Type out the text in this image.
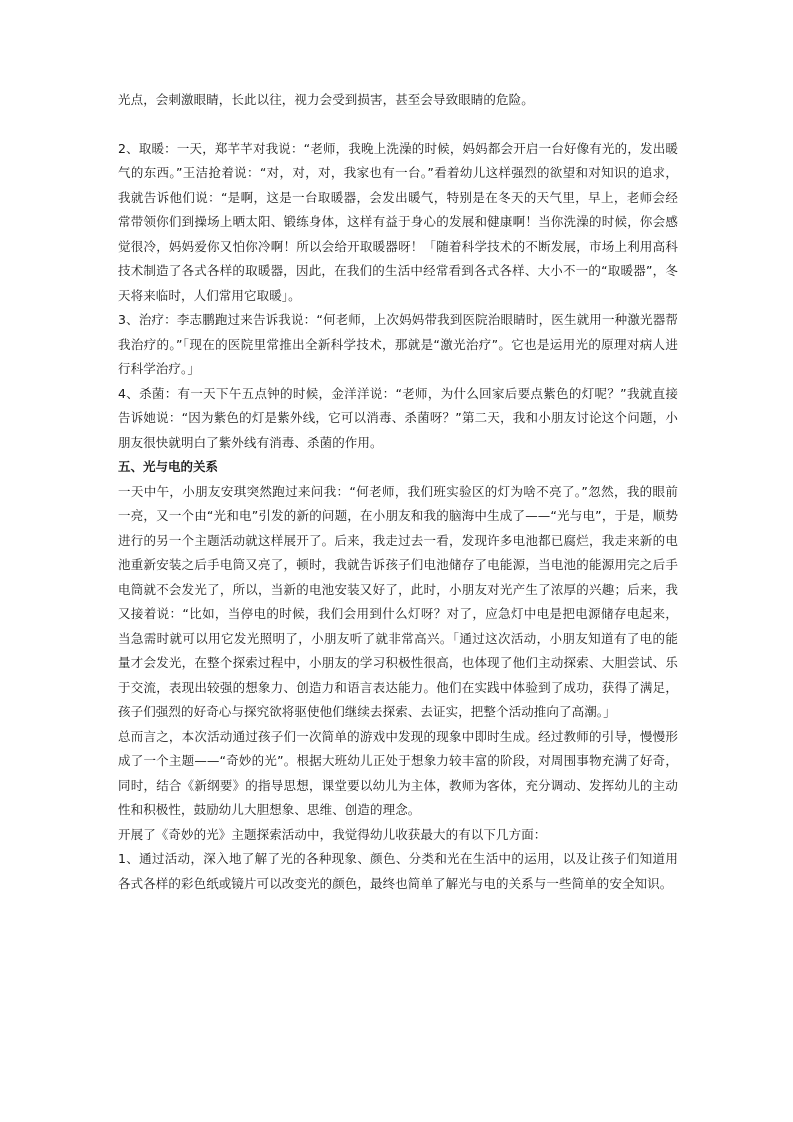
光点，会刺激眼睛，长此以往，视力会受到损害，甚至会导致眼睛的危险。

2、取暖：一天，郑芊芊对我说：“老师，我晚上洗澡的时候，妈妈都会开启一台好像有光的，发出暖气的东西。”王洁抢着说：“对，对，对，我家也有一台。”看着幼儿这样强烈的欲望和对知识的追求，我就告诉他们说：“是啊，这是一台取暖器，会发出暖气，特别是在冬天的天气里，早上，老师会经常带领你们到操场上晒太阳、锻练身体，这样有益于身心的发展和健康啊！当你洗澡的时候，你会感觉很冷，妈妈爱你又怕你冷啊！所以会给开取暖器呀！「随着科学技术的不断发展，市场上利用高科技术制造了各式各样的取暖器，因此，在我们的生活中经常看到各式各样、大小不一的“取暖器”，冬天将来临时，人们常用它取暖」。

3、治疗：李志鹏跑过来告诉我说：“何老师，上次妈妈带我到医院治眼睛时，医生就用一种激光器帮我治疗的。”「现在的医院里常推出全新科学技术，那就是“激光治疗”。它也是运用光的原理对病人进行科学治疗。」

4、杀菌：有一天下午五点钟的时候，金洋洋说：“老师，为什么回家后要点紫色的灯呢？”我就直接告诉她说：“因为紫色的灯是紫外线，它可以消毒、杀菌呀？”第二天，我和小朋友讨论这个问题，小朋友很快就明白了紫外线有消毒、杀菌的作用。

五、光与电的关系

一天中午，小朋友安琪突然跑过来问我：“何老师，我们班实验区的灯为啥不亮了。”忽然，我的眼前一亮，又一个由“光和电”引发的新的问题，在小朋友和我的脑海中生成了——“光与电”，于是，顺势进行的另一个主题活动就这样展开了。后来，我走过去一看，发现许多电池都已腐烂，我走来新的电池重新安装之后手电筒又亮了，顿时，我就告诉孩子们电池储存了电能源，当电池的能源用完之后手电筒就不会发光了，所以，当新的电池安装又好了，此时，小朋友对光产生了浓厚的兴趣；后来，我又接着说：“比如，当停电的时候，我们会用到什么灯呀？对了，应急灯中电是把电源储存电起来，当急需时就可以用它发光照明了，小朋友听了就非常高兴。「通过这次活动，小朋友知道有了电的能量才会发光，在整个探索过程中，小朋友的学习积极性很高，也体现了他们主动探索、大胆尝试、乐于交流，表现出较强的想象力、创造力和语言表达能力。他们在实践中体验到了成功，获得了满足，孩子们强烈的好奇心与探究欲将驱使他们继续去探索、去证实，把整个活动推向了高潮。」

总而言之，本次活动通过孩子们一次简单的游戏中发现的现象中即时生成。经过教师的引导，慢慢形成了一个主题——“奇妙的光”。根据大班幼儿正处于想象力较丰富的阶段，对周围事物充满了好奇，同时，结合《新纲要》的指导思想，课堂要以幼儿为主体，教师为客体，充分调动、发挥幼儿的主动性和积极性，鼓励幼儿大胆想象、思维、创造的理念。

开展了《奇妙的光》主题探索活动中，我觉得幼儿收获最大的有以下几方面：

1、通过活动，深入地了解了光的各种现象、颜色、分类和光在生活中的运用，以及让孩子们知道用各式各样的彩色纸或镜片可以改变光的颜色，最终也简单了解光与电的关系与一些简单的安全知识。
